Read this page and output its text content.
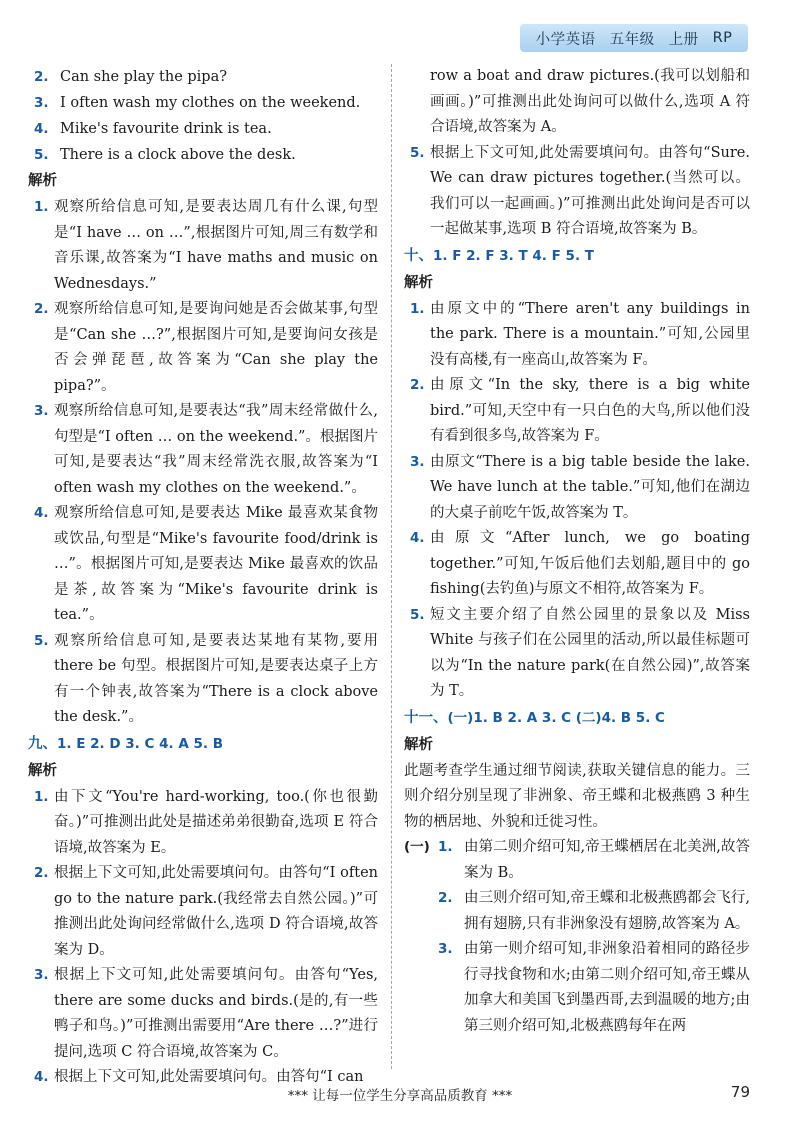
小学英语 五年级 上册 RP

2. Can she play the pipa?

3. I often wash my clothes on the weekend.

4. Mike's favourite drink is tea.

5. There is a clock above the desk.

解析

1. 观察所给信息可知,是要表达周几有什么课,句型是“I have … on …”,根据图片可知,周三有数学和音乐课,故答案为“I have maths and music on Wednesdays.”

2. 观察所给信息可知,是要询问她是否会做某事,句型是“Can she …?”,根据图片可知,是要询问女孩是否会弹琵琶,故答案为“Can she play the pipa?”。

3. 观察所给信息可知,是要表达“我”周末经常做什么,句型是“I often … on the weekend.”。根据图片可知,是要表达“我”周末经常洗衣服,故答案为“I often wash my clothes on the weekend.”。

4. 观察所给信息可知,是要表达 Mike 最喜欢某食物或饮品,句型是“Mike's favourite food/drink is …”。根据图片可知,是要表达 Mike 最喜欢的饮品是茶,故答案为“Mike's favourite drink is tea.”。

5. 观察所给信息可知,是要表达某地有某物,要用 there be 句型。根据图片可知,是要表达桌子上方有一个钟表,故答案为“There is a clock above the desk.”。

九、1. E 2. D 3. C 4. A 5. B

解析

1. 由下文“You're hard-working, too.(你也很勤奋。)”可推测出此处是描述弟弟很勤奋,选项 E 符合语境,故答案为 E。

2. 根据上下文可知,此处需要填问句。由答句“I often go to the nature park.(我经常去自然公园。)”可推测出此处询问经常做什么,选项 D 符合语境,故答案为 D。

3. 根据上下文可知,此处需要填问句。由答句“Yes, there are some ducks and birds.(是的,有一些鸭子和鸟。)”可推测出需要用“Are there …?”进行提问,选项 C 符合语境,故答案为 C。

4. 根据上下文可知,此处需要填问句。由答句“I can

row a boat and draw pictures.(我可以划船和画画。)”可推测出此处询问可以做什么,选项 A 符合语境,故答案为 A。

5. 根据上下文可知,此处需要填问句。由答句“Sure. We can draw pictures together.(当然可以。我们可以一起画画。)”可推测出此处询问是否可以一起做某事,选项 B 符合语境,故答案为 B。

十、1. F 2. F 3. T 4. F 5. T

解析

1. 由原文中的“There aren't any buildings in the park. There is a mountain.”可知,公园里没有高楼,有一座高山,故答案为 F。

2. 由原文“In the sky, there is a big white bird.”可知,天空中有一只白色的大鸟,所以他们没有看到很多鸟,故答案为 F。

3. 由原文“There is a big table beside the lake. We have lunch at the table.”可知,他们在湖边的大桌子前吃午饭,故答案为 T。

4. 由原文“After lunch, we go boating together.”可知,午饭后他们去划船,题目中的 go fishing(去钓鱼)与原文不相符,故答案为 F。

5. 短文主要介绍了自然公园里的景象以及 Miss White 与孩子们在公园里的活动,所以最佳标题可以为“In the nature park(在自然公园)”,故答案为 T。

十一、(一)1. B 2. A 3. C (二)4. B 5. C

解析

此题考查学生通过细节阅读,获取关键信息的能力。三则介绍分别呈现了非洲象、帝王蝶和北极燕鸥 3 种生物的栖居地、外貌和迁徙习性。

(一) 1. 由第二则介绍可知,帝王蝶栖居在北美洲,故答案为 B。

2. 由三则介绍可知,帝王蝶和北极燕鸥都会飞行,拥有翅膀,只有非洲象没有翅膀,故答案为 A。

3. 由第一则介绍可知,非洲象沿着相同的路径步行寻找食物和水;由第二则介绍可知,帝王蝶从加拿大和美国飞到墨西哥,去到温暖的地方;由第三则介绍可知,北极燕鸥每年在两

*** 让每一位学生分享高品质教育 ***	79
